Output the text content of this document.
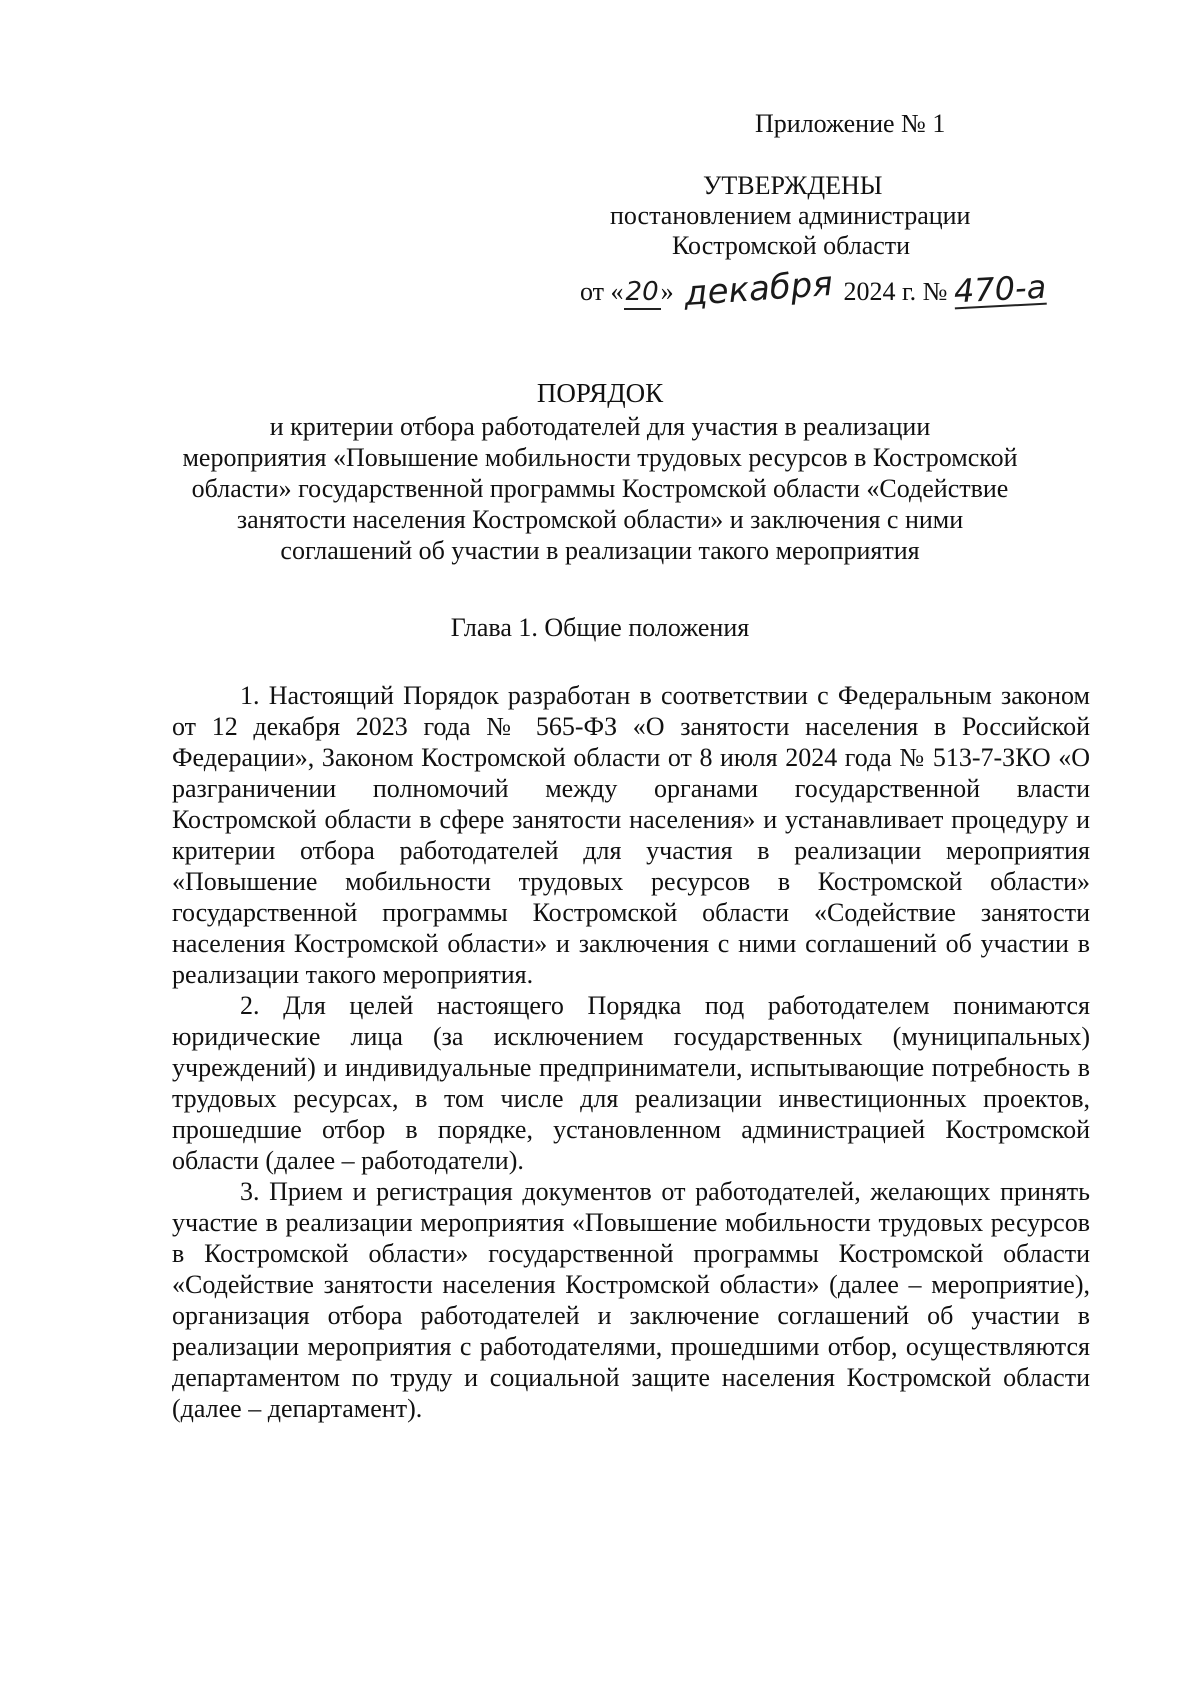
Приложение № 1
УТВЕРЖДЕНЫ
постановлением администрации
Костромской области
от «20» декабря 2024 г. № 470-а
ПОРЯДОК
и критерии отбора работодателей для участия в реализации
мероприятия «Повышение мобильности трудовых ресурсов в Костромской
области» государственной программы Костромской области «Содействие
занятости населения Костромской области» и заключения с ними
соглашений об участии в реализации такого мероприятия
Глава 1. Общие положения

1. Настоящий Порядок разработан в соответствии с Федеральным законом от 12 декабря 2023 года № 565-ФЗ «О занятости населения в Российской Федерации», Законом Костромской области от 8 июля 2024 года № 513-7-ЗКО «О разграничении полномочий между органами государственной власти Костромской области в сфере занятости населения» и устанавливает процедуру и критерии отбора работодателей для участия в реализации мероприятия «Повышение мобильности трудовых ресурсов в Костромской области» государственной программы Костромской области «Содействие занятости населения Костромской области» и заключения с ними соглашений об участии в реализации такого мероприятия.

2. Для целей настоящего Порядка под работодателем понимаются юридические лица (за исключением государственных (муниципальных) учреждений) и индивидуальные предприниматели, испытывающие потребность в трудовых ресурсах, в том числе для реализации инвестиционных проектов, прошедшие отбор в порядке, установленном администрацией Костромской области (далее – работодатели).

3. Прием и регистрация документов от работодателей, желающих принять участие в реализации мероприятия «Повышение мобильности трудовых ресурсов в Костромской области» государственной программы Костромской области «Содействие занятости населения Костромской области» (далее – мероприятие), организация отбора работодателей и заключение соглашений об участии в реализации мероприятия с работодателями, прошедшими отбор, осуществляются департаментом по труду и социальной защите населения Костромской области (далее – департамент).
